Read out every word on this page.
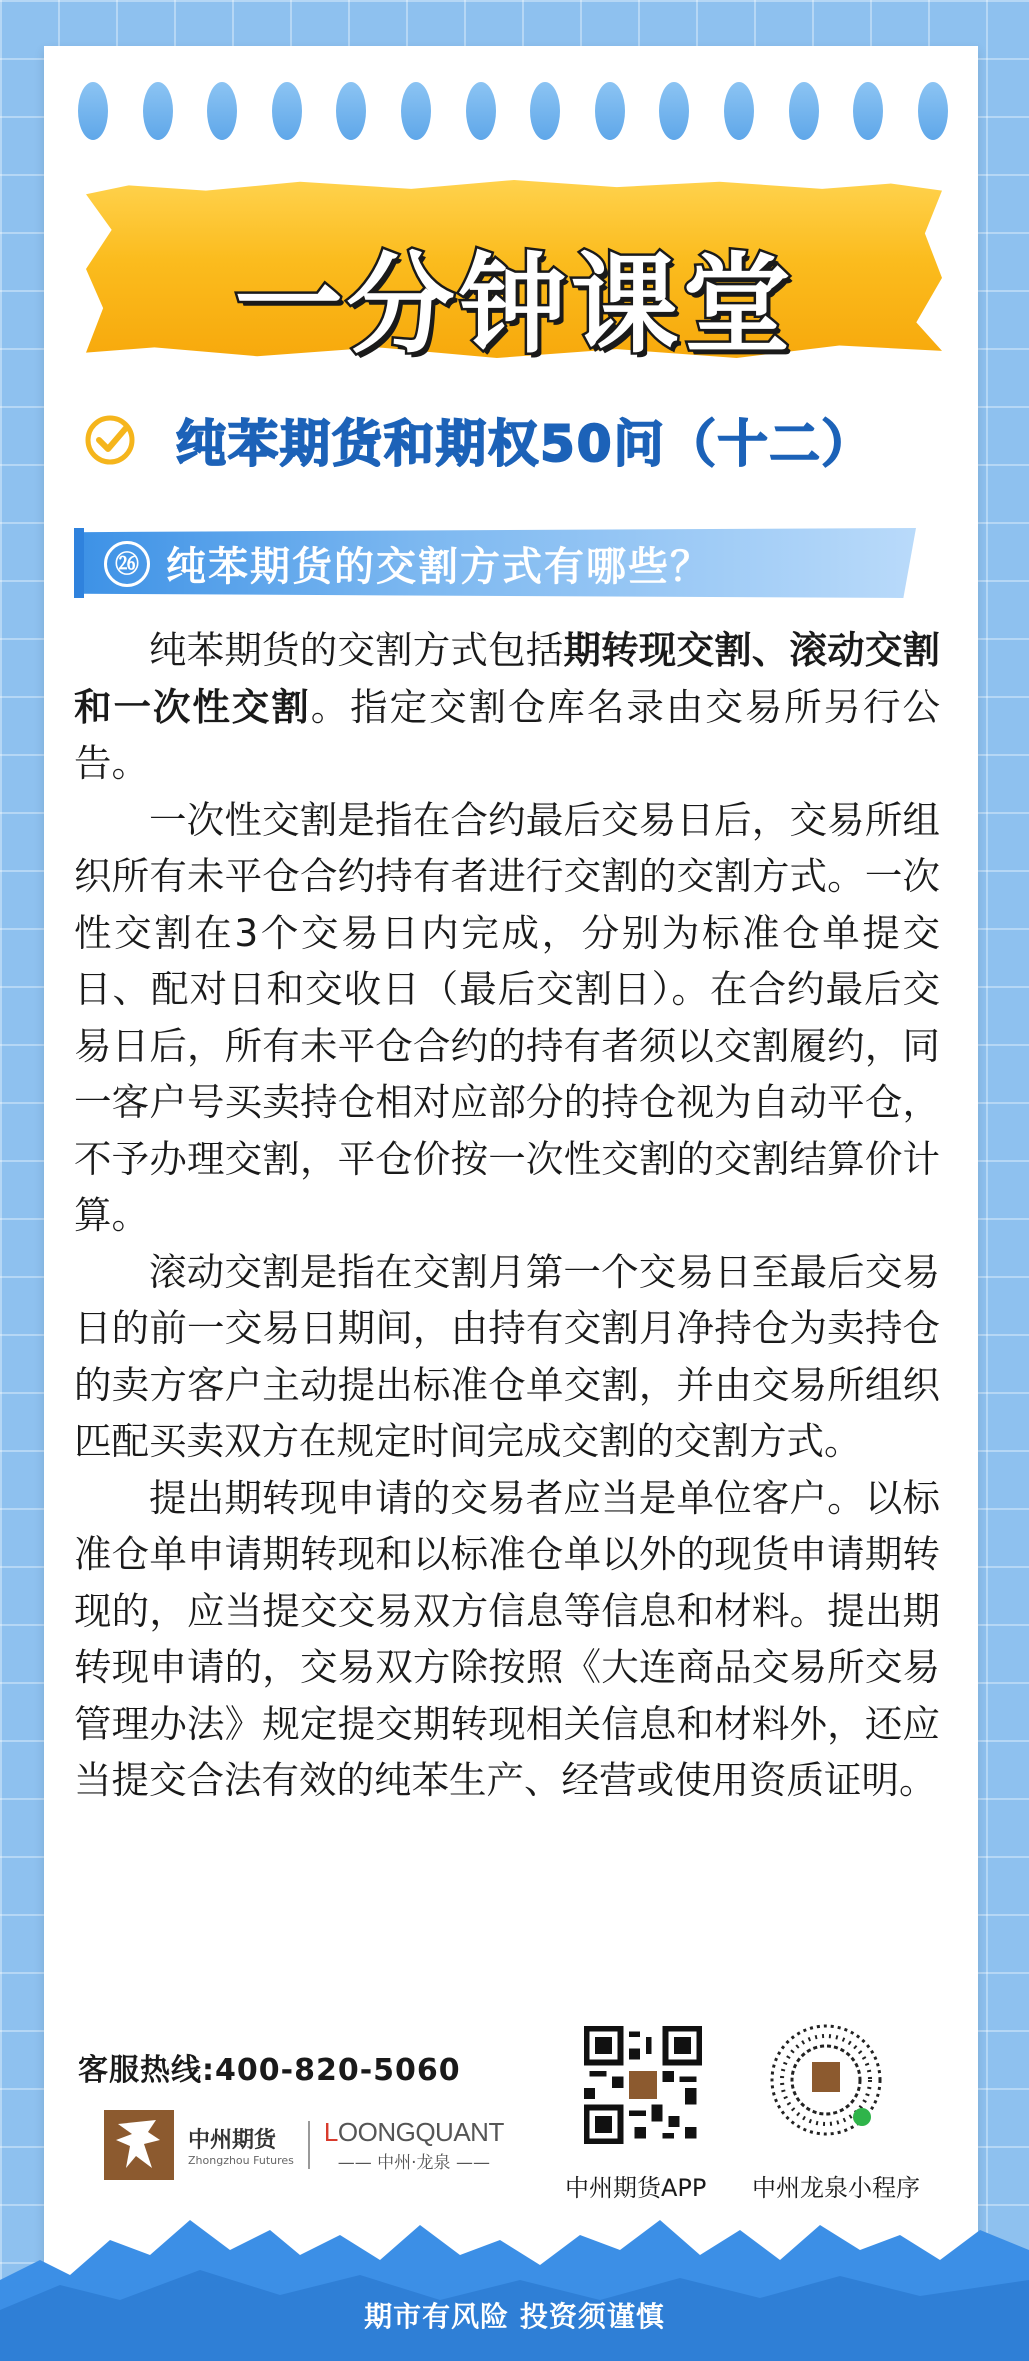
一分钟课堂
纯苯期货和期权50问（十二）
㉖ 纯苯期货的交割方式有哪些？

纯苯期货的交割方式包括期转现交割、滚动交割和一次性交割。指定交割仓库名录由交易所另行公告。

一次性交割是指在合约最后交易日后，交易所组织所有未平仓合约持有者进行交割的交割方式。一次性交割在3个交易日内完成，分别为标准仓单提交日、配对日和交收日（最后交割日）。在合约最后交易日后，所有未平仓合约的持有者须以交割履约，同一客户号买卖持仓相对应部分的持仓视为自动平仓，不予办理交割，平仓价按一次性交割的交割结算价计算。

滚动交割是指在交割月第一个交易日至最后交易日的前一交易日期间，由持有交割月净持仓为卖持仓的卖方客户主动提出标准仓单交割，并由交易所组织匹配买卖双方在规定时间完成交割的交割方式。

提出期转现申请的交易者应当是单位客户。以标准仓单申请期转现和以标准仓单以外的现货申请期转现的，应当提交交易双方信息等信息和材料。提出期转现申请的，交易双方除按照《大连商品交易所交易管理办法》规定提交期转现相关信息和材料外，还应当提交合法有效的纯苯生产、经营或使用资质证明。

客服热线:400-820-5060
中州期货
Zhongzhou Futures
LOONGQUANT
—— 中州·龙泉 ——
中州期货APP 中州龙泉小程序
期市有风险 投资须谨慎
